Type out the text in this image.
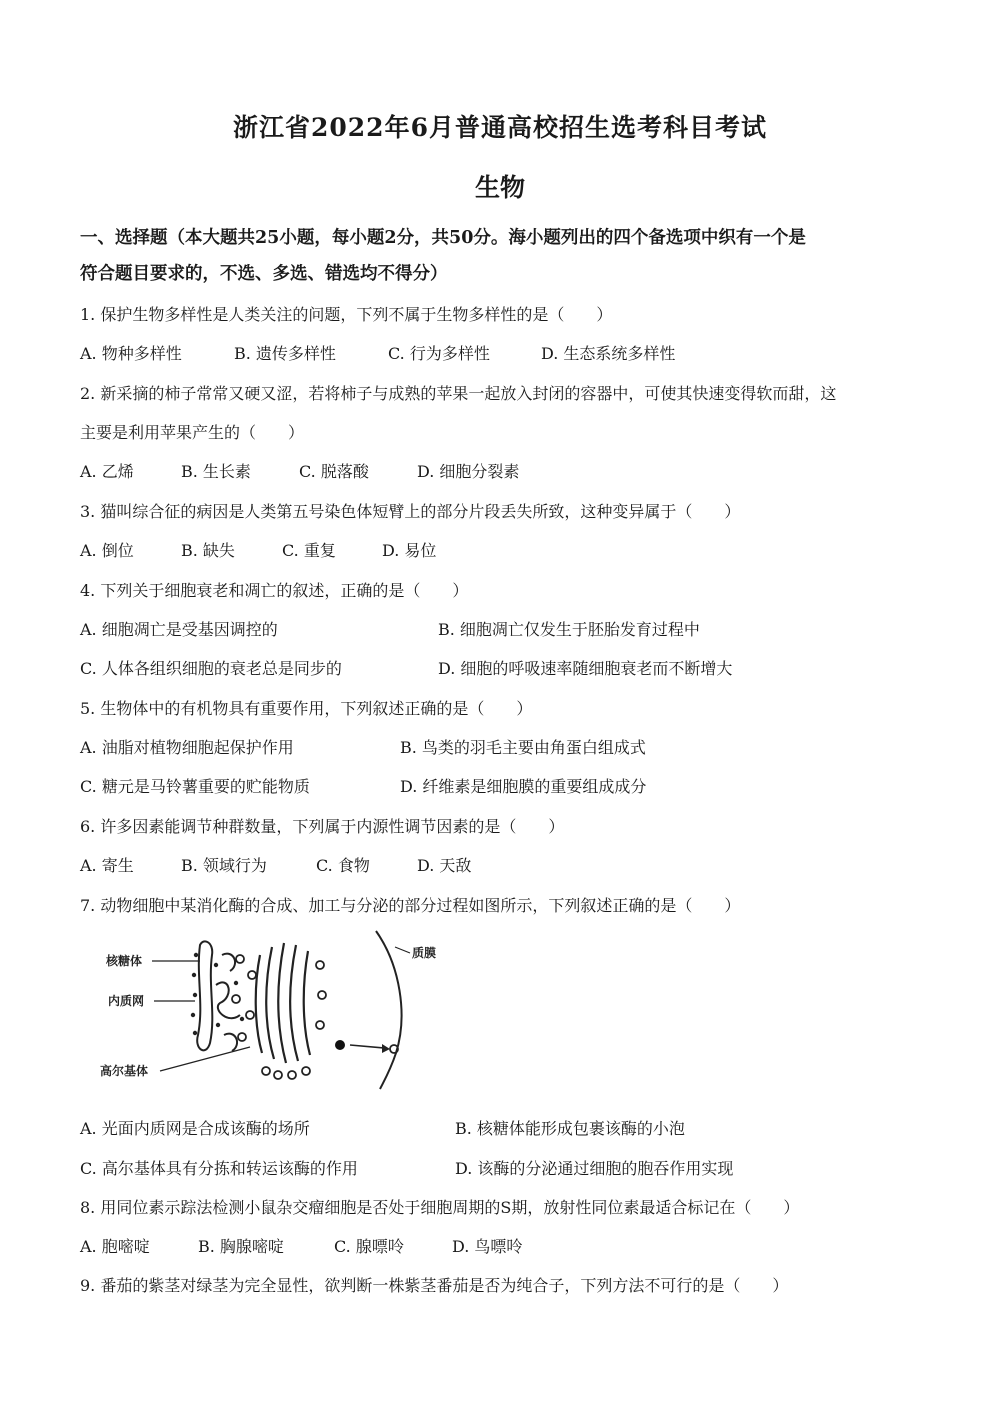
浙江省2022年6月普通高校招生选考科目考试
生物
一、选择题（本大题共25小题，每小题2分，共50分。海小题列出的四个备选项中织有一个是
符合题目要求的，不选、多选、错选均不得分）
1. 保护生物多样性是人类关注的问题，下列不属于生物多样性的是（　　）
A. 物种多样性	B. 遗传多样性	C. 行为多样性	D. 生态系统多样性
2. 新采摘的柿子常常又硬又涩，若将柿子与成熟的苹果一起放入封闭的容器中，可使其快速变得软而甜，这
主要是利用苹果产生的（　　）
A. 乙烯	B. 生长素	C. 脱落酸	D. 细胞分裂素
3. 猫叫综合征的病因是人类第五号染色体短臂上的部分片段丢失所致，这种变异属于（　　）
A. 倒位	B. 缺失	C. 重复	D. 易位
4. 下列关于细胞衰老和凋亡的叙述，正确的是（　　）
A. 细胞凋亡是受基因调控的	B. 细胞凋亡仅发生于胚胎发育过程中
C. 人体各组织细胞的衰老总是同步的	D. 细胞的呼吸速率随细胞衰老而不断增大
5. 生物体中的有机物具有重要作用，下列叙述正确的是（　　）
A. 油脂对植物细胞起保护作用	B. 鸟类的羽毛主要由角蛋白组成式
C. 糖元是马铃薯重要的贮能物质	D. 纤维素是细胞膜的重要组成成分
6. 许多因素能调节种群数量，下列属于内源性调节因素的是（　　）
A. 寄生	B. 领域行为	C. 食物	D. 天敌
7. 动物细胞中某消化酶的合成、加工与分泌的部分过程如图所示，下列叙述正确的是（　　）
核糖体
内质网
高尔基体
质膜
A. 光面内质网是合成该酶的场所	B. 核糖体能形成包裹该酶的小泡
C. 高尔基体具有分拣和转运该酶的作用	D. 该酶的分泌通过细胞的胞吞作用实现
8. 用同位素示踪法检测小鼠杂交瘤细胞是否处于细胞周期的S期，放射性同位素最适合标记在（　　）
A. 胞嘧啶	B. 胸腺嘧啶	C. 腺嘌呤	D. 鸟嘌呤
9. 番茄的紫茎对绿茎为完全显性，欲判断一株紫茎番茄是否为纯合子，下列方法不可行的是（　　）
